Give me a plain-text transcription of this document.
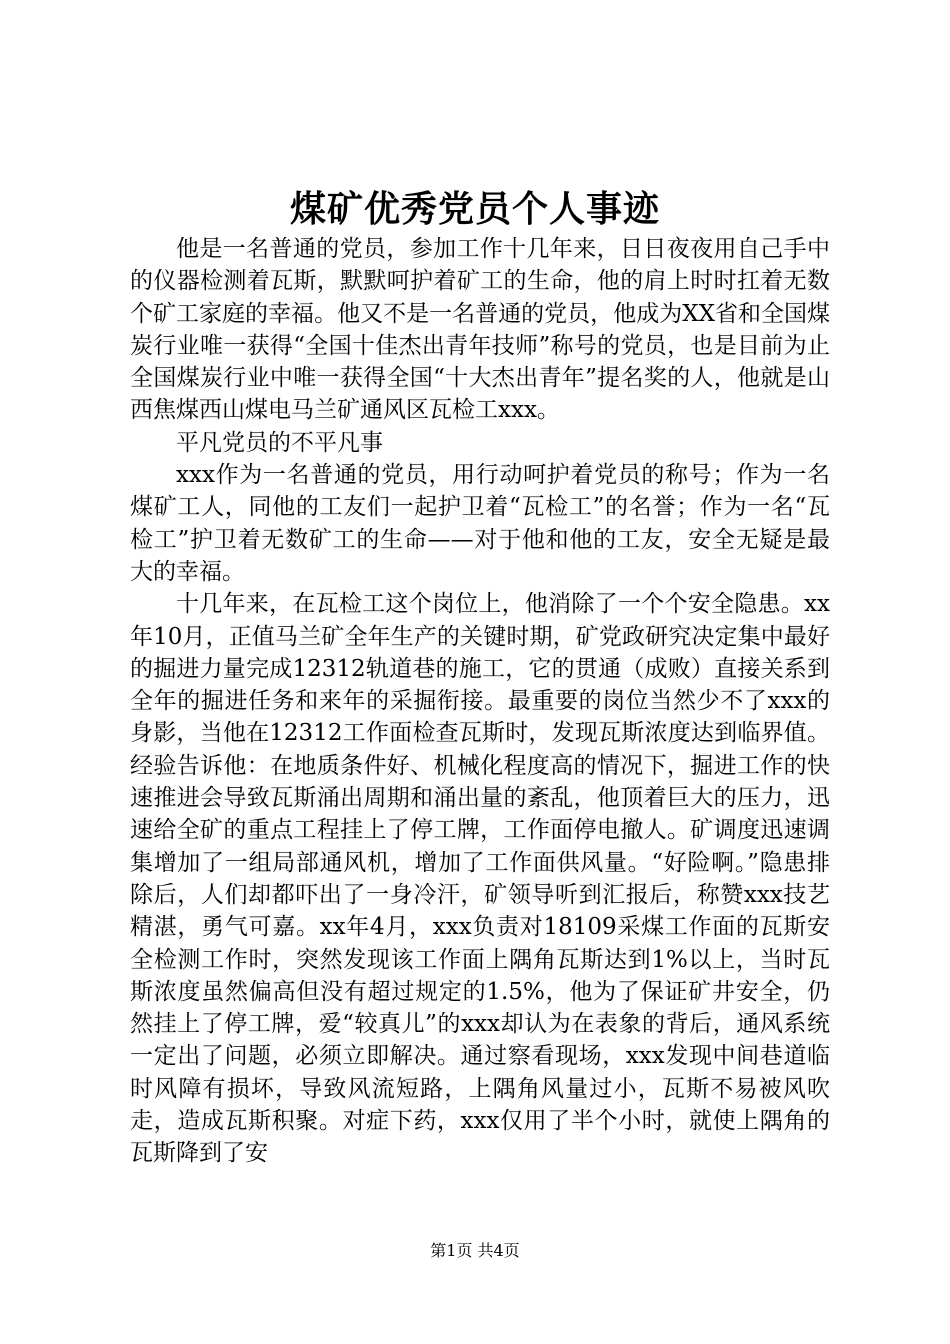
煤矿优秀党员个人事迹

他是一名普通的党员，参加工作十几年来，日日夜夜用自己手中的仪器检测着瓦斯，默默呵护着矿工的生命，他的肩上时时扛着无数个矿工家庭的幸福。他又不是一名普通的党员，他成为XX省和全国煤炭行业唯一获得“全国十佳杰出青年技师”称号的党员，也是目前为止全国煤炭行业中唯一获得全国“十大杰出青年”提名奖的人，他就是山西焦煤西山煤电马兰矿通风区瓦检工xxx。

平凡党员的不平凡事

xxx作为一名普通的党员，用行动呵护着党员的称号；作为一名煤矿工人，同他的工友们一起护卫着“瓦检工”的名誉；作为一名“瓦检工”护卫着无数矿工的生命——对于他和他的工友，安全无疑是最大的幸福。

十几年来，在瓦检工这个岗位上，他消除了一个个安全隐患。xx年10月，正值马兰矿全年生产的关键时期，矿党政研究决定集中最好的掘进力量完成12312轨道巷的施工，它的贯通（成败）直接关系到全年的掘进任务和来年的采掘衔接。最重要的岗位当然少不了xxx的身影，当他在12312工作面检查瓦斯时，发现瓦斯浓度达到临界值。经验告诉他：在地质条件好、机械化程度高的情况下，掘进工作的快速推进会导致瓦斯涌出周期和涌出量的紊乱，他顶着巨大的压力，迅速给全矿的重点工程挂上了停工牌，工作面停电撤人。矿调度迅速调集增加了一组局部通风机，增加了工作面供风量。“好险啊。”隐患排除后，人们却都吓出了一身冷汗，矿领导听到汇报后，称赞xxx技艺精湛，勇气可嘉。xx年4月，xxx负责对18109采煤工作面的瓦斯安全检测工作时，突然发现该工作面上隅角瓦斯达到1%以上，当时瓦斯浓度虽然偏高但没有超过规定的1.5%，他为了保证矿井安全，仍然挂上了停工牌，爱“较真儿”的xxx却认为在表象的背后，通风系统一定出了问题，必须立即解决。通过察看现场，xxx发现中间巷道临时风障有损坏，导致风流短路，上隅角风量过小，瓦斯不易被风吹走，造成瓦斯积聚。对症下药，xxx仅用了半个小时，就使上隅角的瓦斯降到了安

第1页 共4页
